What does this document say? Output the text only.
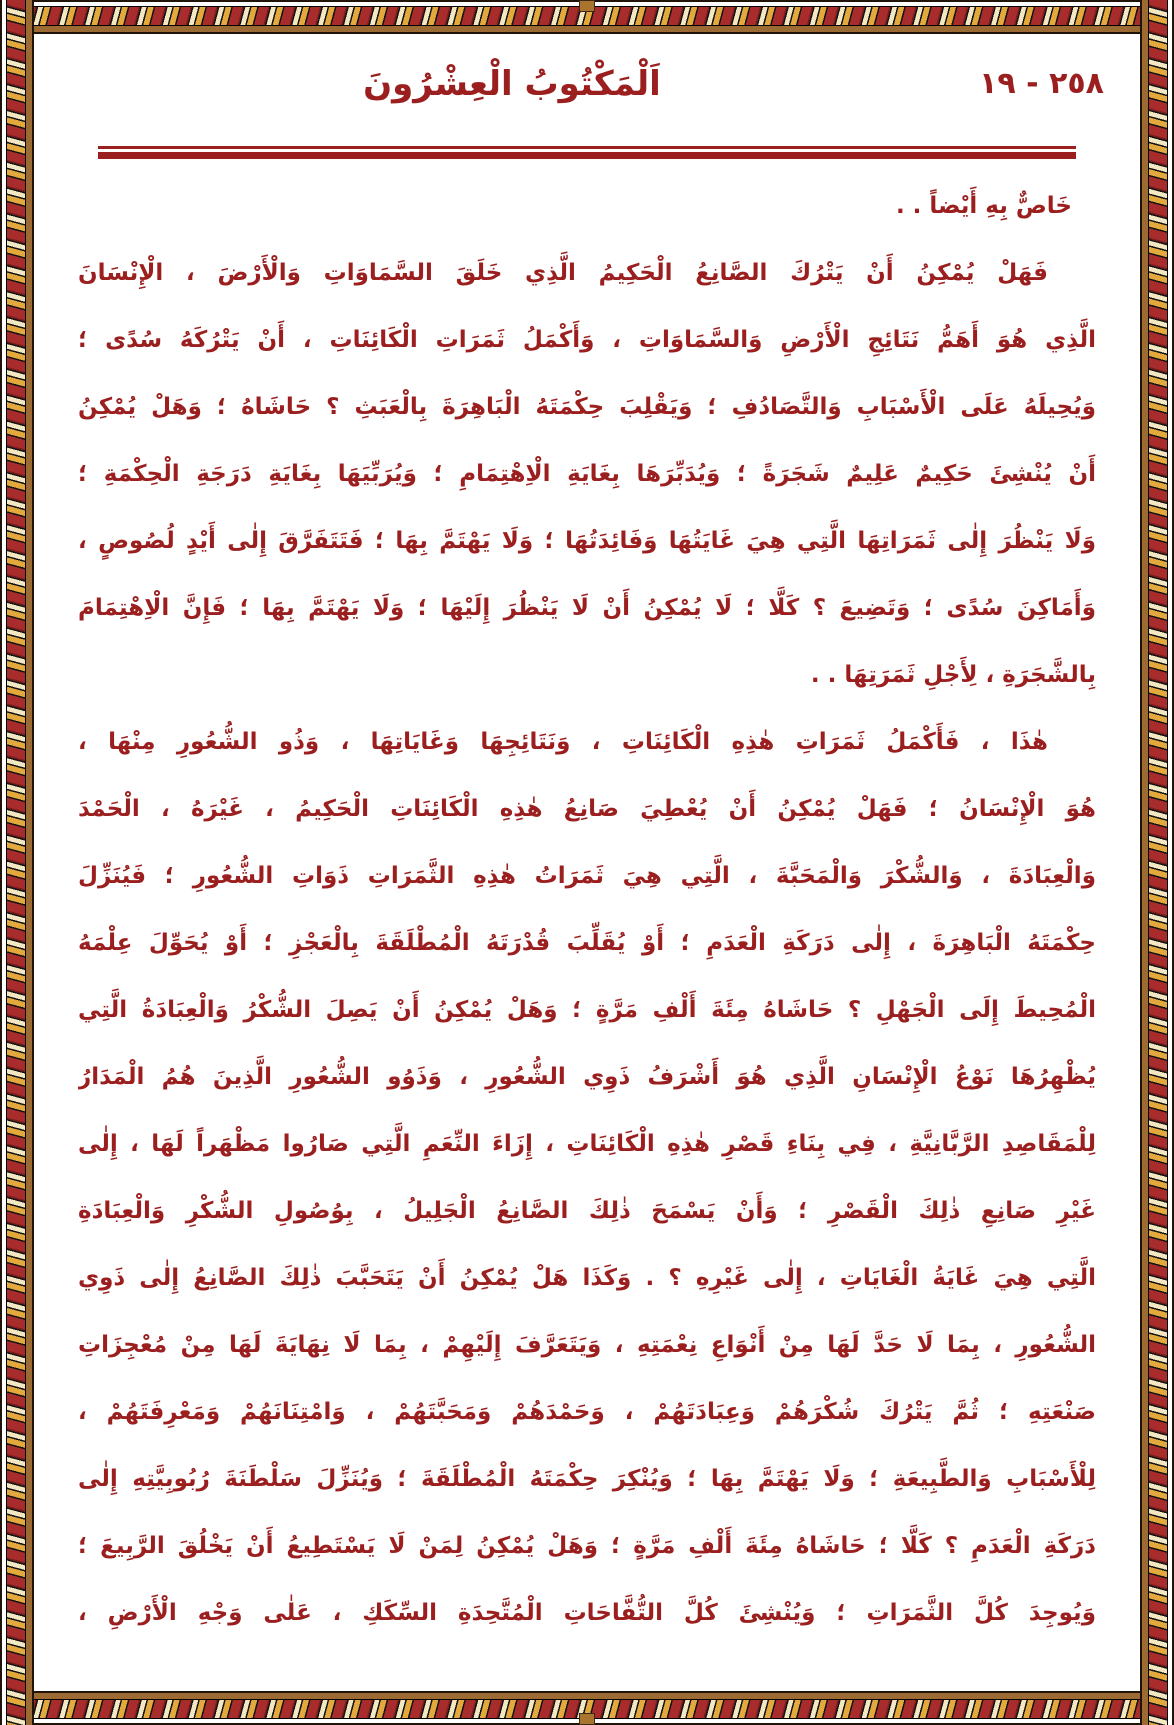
اَلْمَكْتُوبُ الْعِشْرُونَ	٢٥٨ - ١٩
خَاصٌّ بِهِ أَيْضاً . .
فَهَلْ يُمْكِنُ أَنْ يَتْرُكَ الصَّانِعُ الْحَكِيمُ الَّذِي خَلَقَ السَّمَاوَاتِ وَالْأَرْضَ ، الْإِنْسَانَ
الَّذِي هُوَ أَهَمُّ نَتَائِجِ الْأَرْضِ وَالسَّمَاوَاتِ ، وَأَكْمَلُ ثَمَرَاتِ الْكَائِنَاتِ ، أَنْ يَتْرُكَهُ سُدًى ؛
وَيُحِيلَهُ عَلَى الْأَسْبَابِ وَالتَّصَادُفِ ؛ وَيَقْلِبَ حِكْمَتَهُ الْبَاهِرَةَ بِالْعَبَثِ ؟ حَاشَاهُ ؛ وَهَلْ يُمْكِنُ
أَنْ يُنْشِئَ حَكِيمٌ عَلِيمٌ شَجَرَةً ؛ وَيُدَبِّرَهَا بِغَايَةِ الْاِهْتِمَامِ ؛ وَيُرَبِّيَهَا بِغَايَةِ دَرَجَةِ الْحِكْمَةِ ؛
وَلَا يَنْظُرَ إِلٰى ثَمَرَاتِهَا الَّتِي هِيَ غَايَتُهَا وَفَائِدَتُهَا ؛ وَلَا يَهْتَمَّ بِهَا ؛ فَتَتَفَرَّقَ إِلٰى أَيْدٍ لُصُوصٍ ،
وَأَمَاكِنَ سُدًى ؛ وَتَضِيعَ ؟ كَلَّا ؛ لَا يُمْكِنُ أَنْ لَا يَنْظُرَ إِلَيْهَا ؛ وَلَا يَهْتَمَّ بِهَا ؛ فَإِنَّ الْاِهْتِمَامَ
بِالشَّجَرَةِ ، لِأَجْلِ ثَمَرَتِهَا . .
هٰذَا ، فَأَكْمَلُ ثَمَرَاتِ هٰذِهِ الْكَائِنَاتِ ، وَنَتَائِجِهَا وَغَايَاتِهَا ، وَذُو الشُّعُورِ مِنْهَا ،
هُوَ الْإِنْسَانُ ؛ فَهَلْ يُمْكِنُ أَنْ يُعْطِيَ صَانِعُ هٰذِهِ الْكَائِنَاتِ الْحَكِيمُ ، غَيْرَهُ ، الْحَمْدَ
وَالْعِبَادَةَ ، وَالشُّكْرَ وَالْمَحَبَّةَ ، الَّتِي هِيَ ثَمَرَاتُ هٰذِهِ الثَّمَرَاتِ ذَوَاتِ الشُّعُورِ ؛ فَيُنَزِّلَ
حِكْمَتَهُ الْبَاهِرَةَ ، إِلٰى دَرَكَةِ الْعَدَمِ ؛ أَوْ يُقَلِّبَ قُدْرَتَهُ الْمُطْلَقَةَ بِالْعَجْزِ ؛ أَوْ يُحَوِّلَ عِلْمَهُ
الْمُحِيطَ إِلَى الْجَهْلِ ؟ حَاشَاهُ مِئَةَ أَلْفِ مَرَّةٍ ؛ وَهَلْ يُمْكِنُ أَنْ يَصِلَ الشُّكْرُ وَالْعِبَادَةُ الَّتِي
يُظْهِرُهَا نَوْعُ الْإِنْسَانِ الَّذِي هُوَ أَشْرَفُ ذَوِي الشُّعُورِ ، وَذَوُو الشُّعُورِ الَّذِينَ هُمُ الْمَدَارُ
لِلْمَقَاصِدِ الرَّبَّانِيَّةِ ، فِي بِنَاءِ قَصْرِ هٰذِهِ الْكَائِنَاتِ ، إِزَاءَ النِّعَمِ الَّتِي صَارُوا مَظْهَراً لَهَا ، إِلٰى
غَيْرِ صَانِعِ ذٰلِكَ الْقَصْرِ ؛ وَأَنْ يَسْمَحَ ذٰلِكَ الصَّانِعُ الْجَلِيلُ ، بِوُصُولِ الشُّكْرِ وَالْعِبَادَةِ
الَّتِي هِيَ غَايَةُ الْغَايَاتِ ، إِلٰى غَيْرِهِ ؟ . وَكَذَا هَلْ يُمْكِنُ أَنْ يَتَحَبَّبَ ذٰلِكَ الصَّانِعُ إِلٰى ذَوِي
الشُّعُورِ ، بِمَا لَا حَدَّ لَهَا مِنْ أَنْوَاعِ نِعْمَتِهِ ، وَيَتَعَرَّفَ إِلَيْهِمْ ، بِمَا لَا نِهَايَةَ لَهَا مِنْ مُعْجِزَاتِ
صَنْعَتِهِ ؛ ثُمَّ يَتْرُكَ شُكْرَهُمْ وَعِبَادَتَهُمْ ، وَحَمْدَهُمْ وَمَحَبَّتَهُمْ ، وَامْتِنَانَهُمْ وَمَعْرِفَتَهُمْ ،
لِلْأَسْبَابِ وَالطَّبِيعَةِ ؛ وَلَا يَهْتَمَّ بِهَا ؛ وَيُنْكِرَ حِكْمَتَهُ الْمُطْلَقَةَ ؛ وَيُنَزِّلَ سَلْطَنَةَ رُبُوبِيَّتِهِ إِلٰى
دَرَكَةِ الْعَدَمِ ؟ كَلَّا ؛ حَاشَاهُ مِئَةَ أَلْفِ مَرَّةٍ ؛ وَهَلْ يُمْكِنُ لِمَنْ لَا يَسْتَطِيعُ أَنْ يَخْلُقَ الرَّبِيعَ ؛
وَيُوجِدَ كُلَّ الثَّمَرَاتِ ؛ وَيُنْشِئَ كُلَّ التُّفَّاحَاتِ الْمُتَّحِدَةِ السِّكَكِ ، عَلٰى وَجْهِ الْأَرْضِ ،
